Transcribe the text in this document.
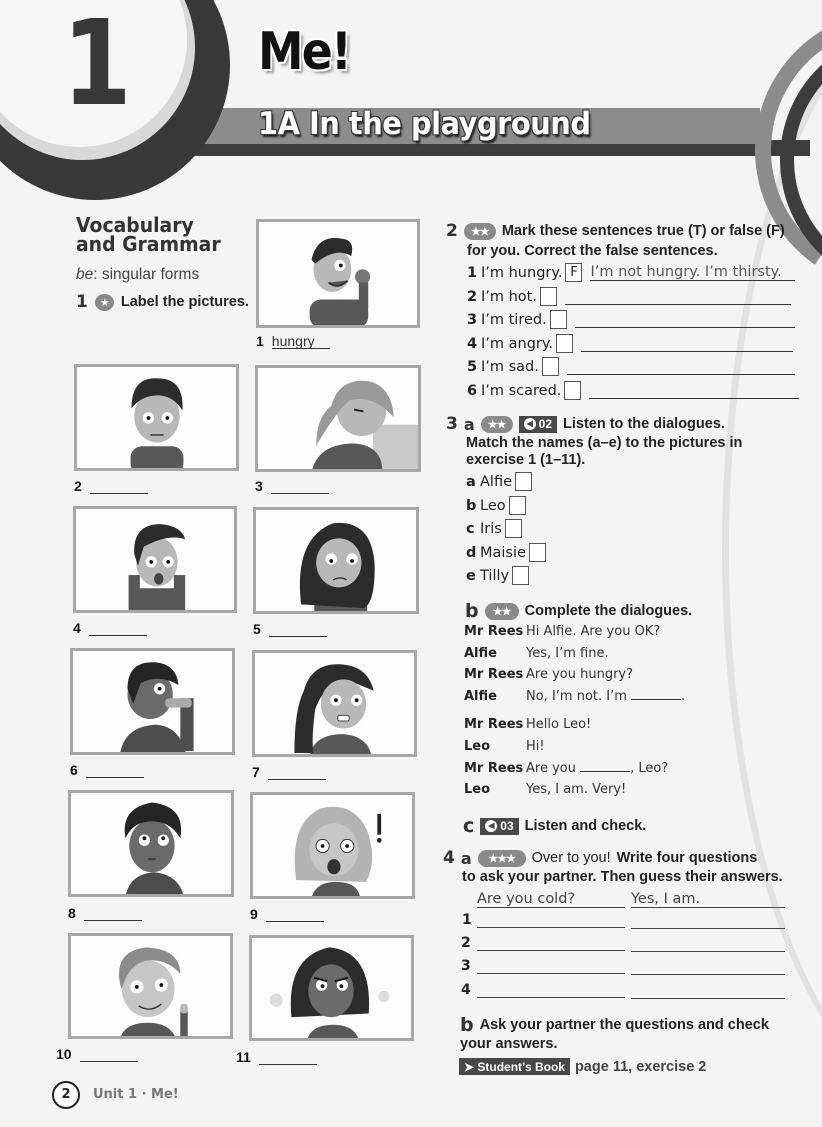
1 Me!
1A In the playground
Vocabulary
and Grammar
be: singular forms
1	★ Label the pictures.
1 hungry
2	3
4	5
6	7
8	9
10	11
2	★★ Mark these sentences true (T) or false (F)
for you. Correct the false sentences.
1 I’m hungry. F I’m not hungry. I’m thirsty.
2 I’m hot.
3 I’m tired.
4 I’m angry.
5 I’m sad.
6 I’m scared.
3 a	★★	◀ 02 Listen to the dialogues.
Match the names (a–e) to the pictures in
exercise 1 (1–11).
a Alfie
b Leo
c Iris
d Maisie
e Tilly
b	★★ Complete the dialogues.
Mr Rees Hi Alfie. Are you OK?
Alfie	Yes, I’m fine.
Mr Rees Are you hungry?
Alfie	No, I’m not. I’m	.
Mr Rees Hello Leo!
Leo	Hi!
Mr Rees Are you	, Leo?
Leo	Yes, I am. Very!
c	◀ 03 Listen and check.
4 a	★★★	Over to you! Write four questions
to ask your partner. Then guess their answers.
Are you cold?	Yes, I am.
1
2
3
4
b Ask your partner the questions and check
your answers.
➤ Student’s Book page 11, exercise 2
2	Unit 1 · Me!
